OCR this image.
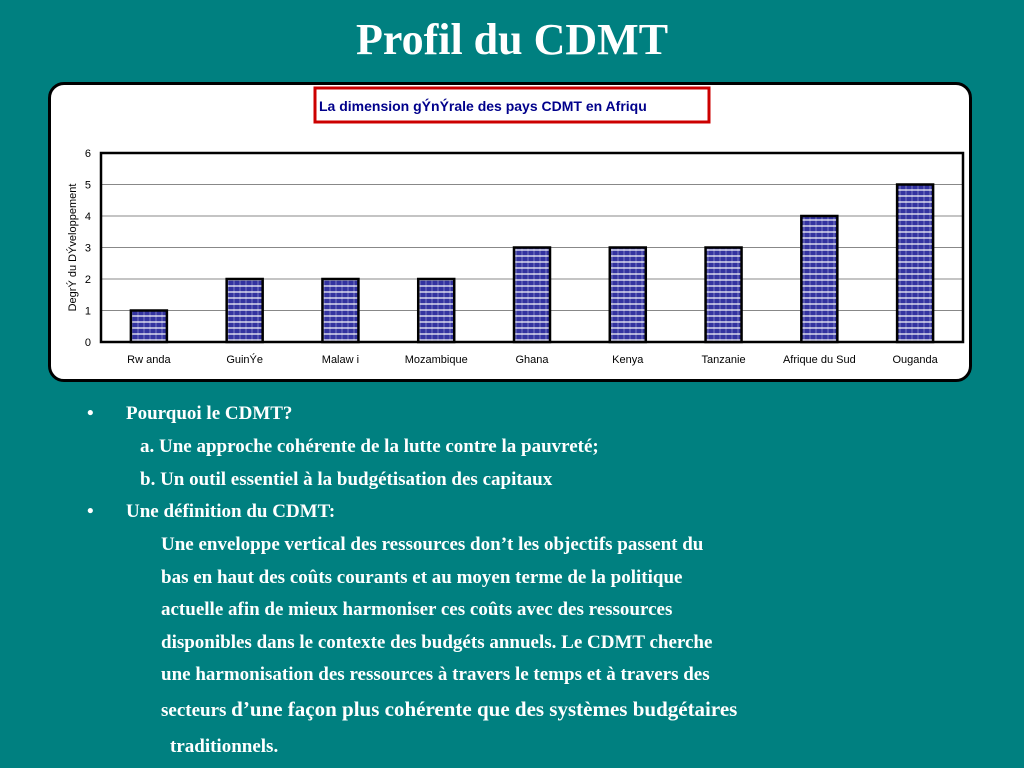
Profil du CDMT
La dimension gÝnÝrale des pays CDMT en Afriqu
0
1
2
3
4
5
6
DegrÝ du DÝveloppement
Rw anda	GuinÝe	Malaw i	Mozambique	Ghana	Kenya	Tanzanie	Afrique du Sud	Ouganda
• Pourquoi le CDMT?
a. Une approche cohérente de la lutte contre la pauvreté;
b. Un outil essentiel à la budgétisation des capitaux
• Une définition du CDMT:
Une enveloppe vertical des ressources don’t les objectifs passent du
bas en haut des coûts courants et au moyen terme de la politique
actuelle afin de mieux harmoniser ces coûts avec des ressources
disponibles dans le contexte des budgéts annuels. Le CDMT cherche
une harmonisation des ressources à travers le temps et à travers des
secteurs d’une façon plus cohérente que des systèmes budgétaires
traditionnels.
